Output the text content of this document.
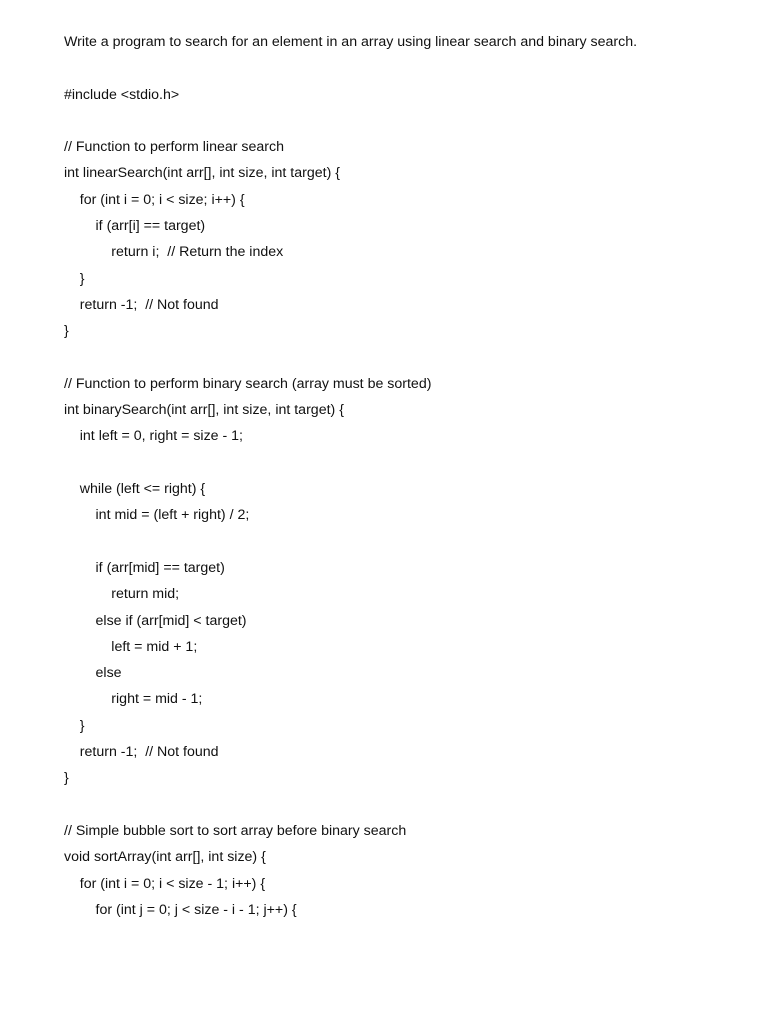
Write a program to search for an element in an array using linear search and binary search.
#include <stdio.h>
// Function to perform linear search
int linearSearch(int arr[], int size, int target) {
for (int i = 0; i < size; i++) {
if (arr[i] == target)
return i;  // Return the index
}
return -1;  // Not found
}
// Function to perform binary search (array must be sorted)
int binarySearch(int arr[], int size, int target) {
int left = 0, right = size - 1;
while (left <= right) {
int mid = (left + right) / 2;
if (arr[mid] == target)
return mid;
else if (arr[mid] < target)
left = mid + 1;
else
right = mid - 1;
}
return -1;  // Not found
}
// Simple bubble sort to sort array before binary search
void sortArray(int arr[], int size) {
for (int i = 0; i < size - 1; i++) {
for (int j = 0; j < size - i - 1; j++) {
